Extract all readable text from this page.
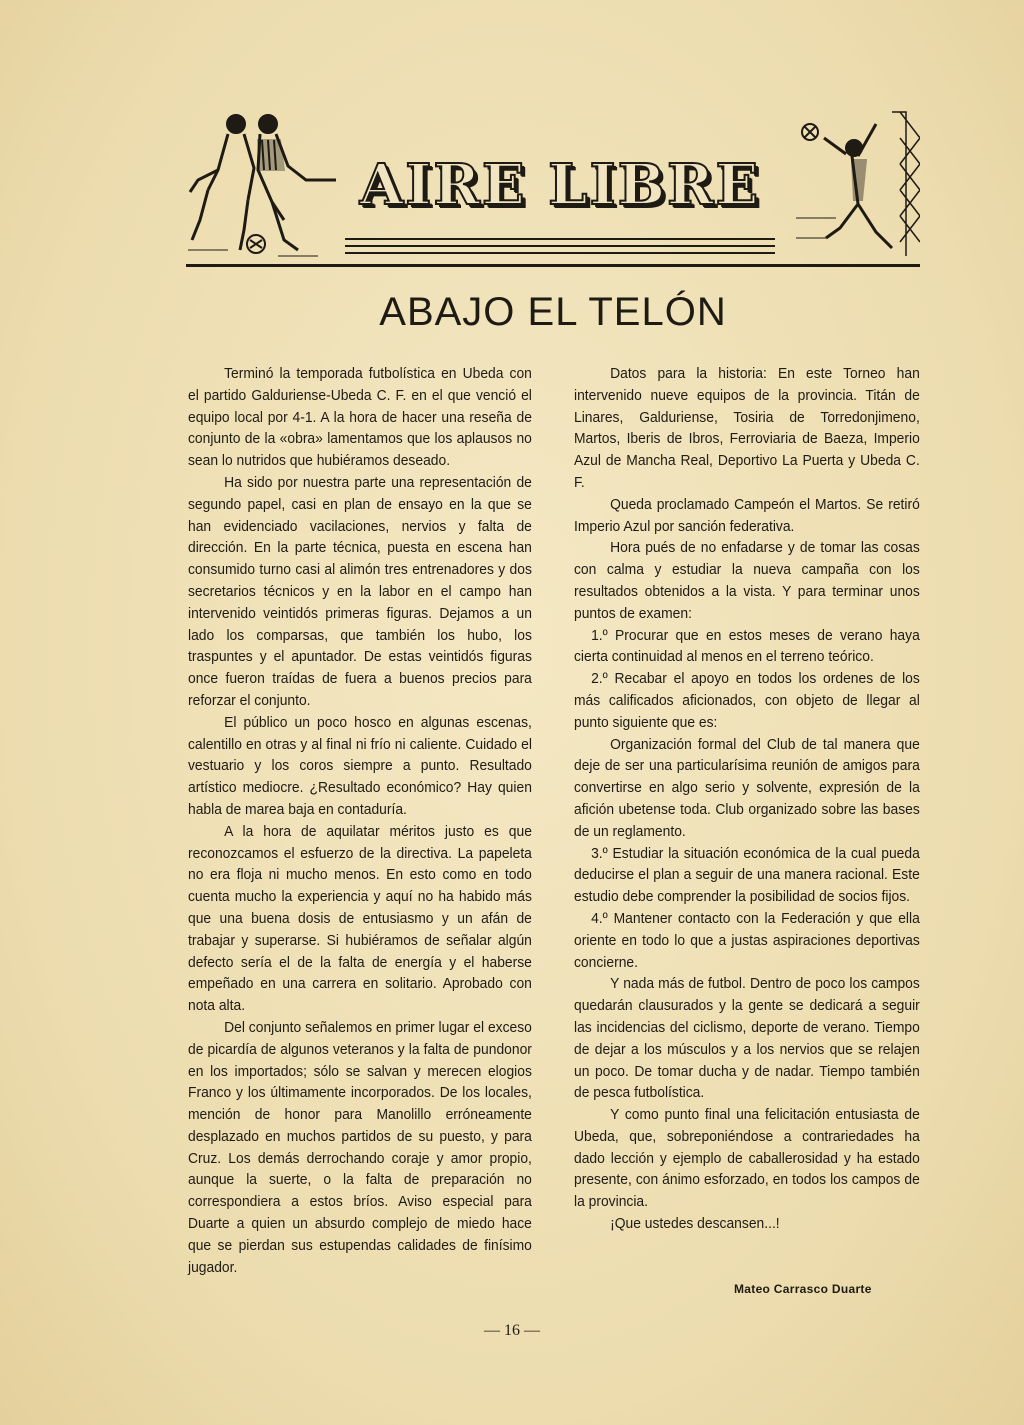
AIRE LIBRE
ABAJO EL TELÓN

Terminó la temporada futbolística en Ubeda con el partido Galduriense-Ubeda C. F. en el que venció el equipo local por 4-1. A la hora de hacer una reseña de conjunto de la «obra» lamentamos que los aplausos no sean lo nutridos que hubiéramos deseado.

Ha sido por nuestra parte una representación de segundo papel, casi en plan de ensayo en la que se han evidenciado vacilaciones, nervios y falta de dirección. En la parte técnica, puesta en escena han consumido turno casi al alimón tres entrenadores y dos secretarios técnicos y en la labor en el campo han intervenido veintidós primeras figuras. Dejamos a un lado los comparsas, que también los hubo, los traspuntes y el apuntador. De estas veintidós figuras once fueron traídas de fuera a buenos precios para reforzar el conjunto.

El público un poco hosco en algunas escenas, calentillo en otras y al final ni frío ni caliente. Cuidado el vestuario y los coros siempre a punto. Resultado artístico mediocre. ¿Resultado económico? Hay quien habla de marea baja en contaduría.

A la hora de aquilatar méritos justo es que reconozcamos el esfuerzo de la directiva. La papeleta no era floja ni mucho menos. En esto como en todo cuenta mucho la experiencia y aquí no ha habido más que una buena dosis de entusiasmo y un afán de trabajar y superarse. Si hubiéramos de señalar algún defecto sería el de la falta de energía y el haberse empeñado en una carrera en solitario. Aprobado con nota alta.

Del conjunto señalemos en primer lugar el exceso de picardía de algunos veteranos y la falta de pundonor en los importados; sólo se salvan y merecen elogios Franco y los últimamente incorporados. De los locales, mención de honor para Manolillo erróneamente desplazado en muchos partidos de su puesto, y para Cruz. Los demás derrochando coraje y amor propio, aunque la suerte, o la falta de preparación no correspondiera a estos bríos. Aviso especial para Duarte a quien un absurdo complejo de miedo hace que se pierdan sus estupendas calidades de finísimo jugador.

Datos para la historia: En este Torneo han intervenido nueve equipos de la provincia. Titán de Linares, Galduriense, Tosiria de Torredonjimeno, Martos, Iberis de Ibros, Ferroviaria de Baeza, Imperio Azul de Mancha Real, Deportivo La Puerta y Ubeda C. F.

Queda proclamado Campeón el Martos. Se retiró Imperio Azul por sanción federativa.

Hora pués de no enfadarse y de tomar las cosas con calma y estudiar la nueva campaña con los resultados obtenidos a la vista. Y para terminar unos puntos de examen:

1.º Procurar que en estos meses de verano haya cierta continuidad al menos en el terreno teórico.

2.º Recabar el apoyo en todos los ordenes de los más calificados aficionados, con objeto de llegar al punto siguiente que es:

Organización formal del Club de tal manera que deje de ser una particularísima reunión de amigos para convertirse en algo serio y solvente, expresión de la afición ubetense toda. Club organizado sobre las bases de un reglamento.

3.º Estudiar la situación económica de la cual pueda deducirse el plan a seguir de una manera racional. Este estudio debe comprender la posibilidad de socios fijos.

4.º Mantener contacto con la Federación y que ella oriente en todo lo que a justas aspiraciones deportivas concierne.

Y nada más de futbol. Dentro de poco los campos quedarán clausurados y la gente se dedicará a seguir las incidencias del ciclismo, deporte de verano. Tiempo de dejar a los músculos y a los nervios que se relajen un poco. De tomar ducha y de nadar. Tiempo también de pesca futbolística.

Y como punto final una felicitación entusiasta de Ubeda, que, sobreponiéndose a contrariedades ha dado lección y ejemplo de caballerosidad y ha estado presente, con ánimo esforzado, en todos los campos de la provincia.

¡Que ustedes descansen...!

Mateo Carrasco Duarte
— 16 —
